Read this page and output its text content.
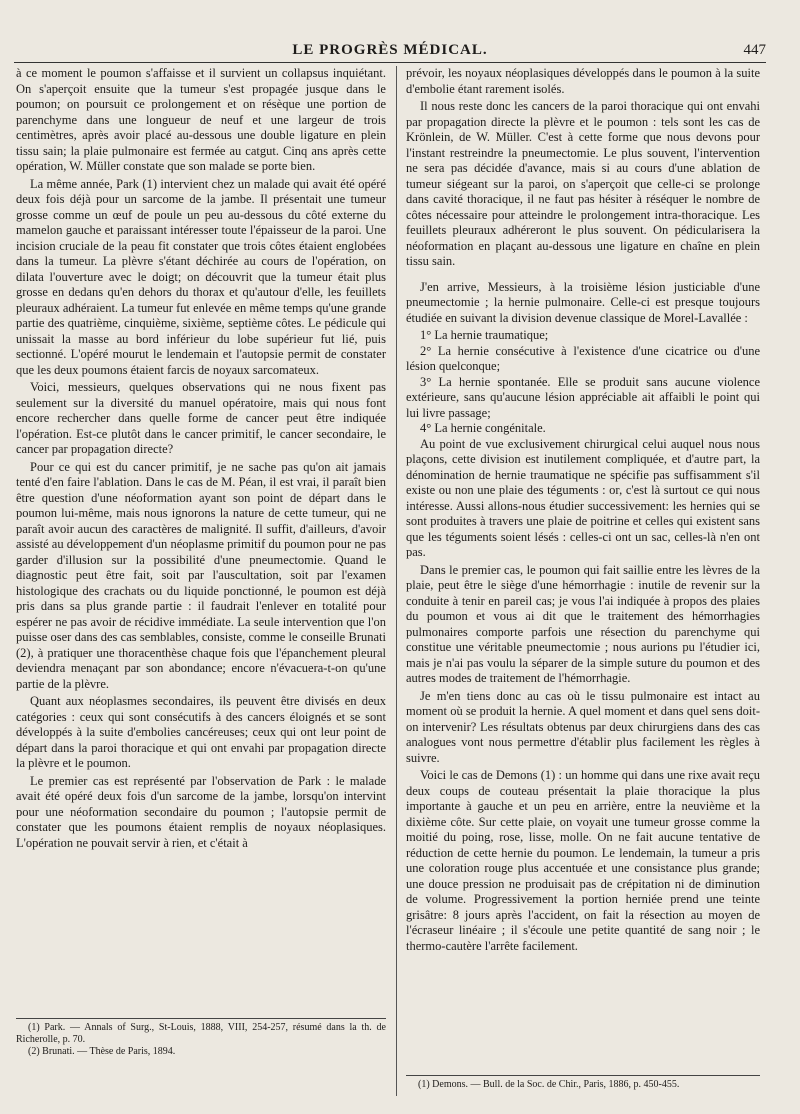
LE PROGRÈS MÉDICAL.	447

à ce moment le poumon s'affaisse et il survient un collapsus inquiétant. On s'aperçoit ensuite que la tumeur s'est propagée jusque dans le poumon; on poursuit ce prolongement et on résèque une portion de parenchyme dans une longueur de neuf et une largeur de trois centimètres, après avoir placé au-dessous une double ligature en plein tissu sain; la plaie pulmonaire est fermée au catgut. Cinq ans après cette opération, W. Müller constate que son malade se porte bien.

La même année, Park (1) intervient chez un malade qui avait été opéré deux fois déjà pour un sarcome de la jambe. Il présentait une tumeur grosse comme un œuf de poule un peu au-dessous du côté externe du mamelon gauche et paraissant intéresser toute l'épaisseur de la paroi. Une incision cruciale de la peau fit constater que trois côtes étaient englobées dans la tumeur. La plèvre s'étant déchirée au cours de l'opération, on dilata l'ouverture avec le doigt; on découvrit que la tumeur était plus grosse en dedans qu'en dehors du thorax et qu'autour d'elle, les feuillets pleuraux adhéraient. La tumeur fut enlevée en même temps qu'une grande partie des quatrième, cinquième, sixième, septième côtes. Le pédicule qui unissait la masse au bord inférieur du lobe supérieur fut lié, puis sectionné. L'opéré mourut le lendemain et l'autopsie permit de constater que les deux poumons étaient farcis de noyaux sarcomateux.

Voici, messieurs, quelques observations qui ne nous fixent pas seulement sur la diversité du manuel opératoire, mais qui nous font encore rechercher dans quelle forme de cancer peut être indiquée l'opération. Est-ce plutôt dans le cancer primitif, le cancer secondaire, le cancer par propagation directe?

Pour ce qui est du cancer primitif, je ne sache pas qu'on ait jamais tenté d'en faire l'ablation. Dans le cas de M. Péan, il est vrai, il paraît bien être question d'une néoformation ayant son point de départ dans le poumon lui-même, mais nous ignorons la nature de cette tumeur, qui ne paraît avoir aucun des caractères de malignité. Il suffit, d'ailleurs, d'avoir assisté au développement d'un néoplasme primitif du poumon pour ne pas garder d'illusion sur la possibilité d'une pneumectomie. Quand le diagnostic peut être fait, soit par l'auscultation, soit par l'examen histologique des crachats ou du liquide ponctionné, le poumon est déjà pris dans sa plus grande partie : il faudrait l'enlever en totalité pour espérer ne pas avoir de récidive immédiate. La seule intervention que l'on puisse oser dans des cas semblables, consiste, comme le conseille Brunati (2), à pratiquer une thoracenthèse chaque fois que l'épanchement pleural deviendra menaçant par son abondance; encore n'évacuera-t-on qu'une partie de la plèvre.

Quant aux néoplasmes secondaires, ils peuvent être divisés en deux catégories : ceux qui sont consécutifs à des cancers éloignés et se sont développés à la suite d'embolies cancéreuses; ceux qui ont leur point de départ dans la paroi thoracique et qui ont envahi par propagation directe la plèvre et le poumon.

Le premier cas est représenté par l'observation de Park : le malade avait été opéré deux fois d'un sarcome de la jambe, lorsqu'on intervint pour une néoformation secondaire du poumon ; l'autopsie permit de constater que les poumons étaient remplis de noyaux néoplasiques. L'opération ne pouvait servir à rien, et c'était à

(1) Park. — Annals of Surg., St-Louis, 1888, VIII, 254-257, résumé dans la th. de Richerolle, p. 70.

(2) Brunati. — Thèse de Paris, 1894.

prévoir, les noyaux néoplasiques développés dans le poumon à la suite d'embolie étant rarement isolés.

Il nous reste donc les cancers de la paroi thoracique qui ont envahi par propagation directe la plèvre et le poumon : tels sont les cas de Krönlein, de W. Müller. C'est à cette forme que nous devons pour l'instant restreindre la pneumectomie. Le plus souvent, l'intervention ne sera pas décidée d'avance, mais si au cours d'une ablation de tumeur siégeant sur la paroi, on s'aperçoit que celle-ci se prolonge dans cavité thoracique, il ne faut pas hésiter à réséquer le nombre de côtes nécessaire pour atteindre le prolongement intra-thoracique. Les feuillets pleuraux adhéreront le plus souvent. On pédicularisera la néoformation en plaçant au-dessous une ligature en chaîne en plein tissu sain.

J'en arrive, Messieurs, à la troisième lésion justiciable d'une pneumectomie ; la hernie pulmonaire. Celle-ci est presque toujours étudiée en suivant la division devenue classique de Morel-Lavallée :

1° La hernie traumatique;

2° La hernie consécutive à l'existence d'une cicatrice ou d'une lésion quelconque;

3° La hernie spontanée. Elle se produit sans aucune violence extérieure, sans qu'aucune lésion appréciable ait affaibli le point qui lui livre passage;

4° La hernie congénitale.

Au point de vue exclusivement chirurgical celui auquel nous nous plaçons, cette division est inutilement compliquée, et d'autre part, la dénomination de hernie traumatique ne spécifie pas suffisamment s'il existe ou non une plaie des téguments : or, c'est là surtout ce qui nous intéresse. Aussi allons-nous étudier successivement: les hernies qui se sont produites à travers une plaie de poitrine et celles qui existent sans que les téguments soient lésés : celles-ci ont un sac, celles-là n'en ont pas.

Dans le premier cas, le poumon qui fait saillie entre les lèvres de la plaie, peut être le siège d'une hémorrhagie : inutile de revenir sur la conduite à tenir en pareil cas; je vous l'ai indiquée à propos des plaies du poumon et vous ai dit que le traitement des hémorrhagies pulmonaires comporte parfois une résection du parenchyme qui constitue une véritable pneumectomie ; nous aurions pu l'étudier ici, mais je n'ai pas voulu la séparer de la simple suture du poumon et des autres modes de traitement de l'hémorrhagie.

Je m'en tiens donc au cas où le tissu pulmonaire est intact au moment où se produit la hernie. A quel moment et dans quel sens doit-on intervenir? Les résultats obtenus par deux chirurgiens dans des cas analogues vont nous permettre d'établir plus facilement les règles à suivre.

Voici le cas de Demons (1) : un homme qui dans une rixe avait reçu deux coups de couteau présentait la plaie thoracique la plus importante à gauche et un peu en arrière, entre la neuvième et la dixième côte. Sur cette plaie, on voyait une tumeur grosse comme la moitié du poing, rose, lisse, molle. On ne fait aucune tentative de réduction de cette hernie du poumon. Le lendemain, la tumeur a pris une coloration rouge plus accentuée et une consistance plus grande; une douce pression ne produisait pas de crépitation ni de diminution de volume. Progressivement la portion herniée prend une teinte grisâtre: 8 jours après l'accident, on fait la résection au moyen de l'écraseur linéaire ; il s'écoule une petite quantité de sang noir ; le thermo-cautère l'arrête facilement.

(1) Demons. — Bull. de la Soc. de Chir., Paris, 1886, p. 450-455.
